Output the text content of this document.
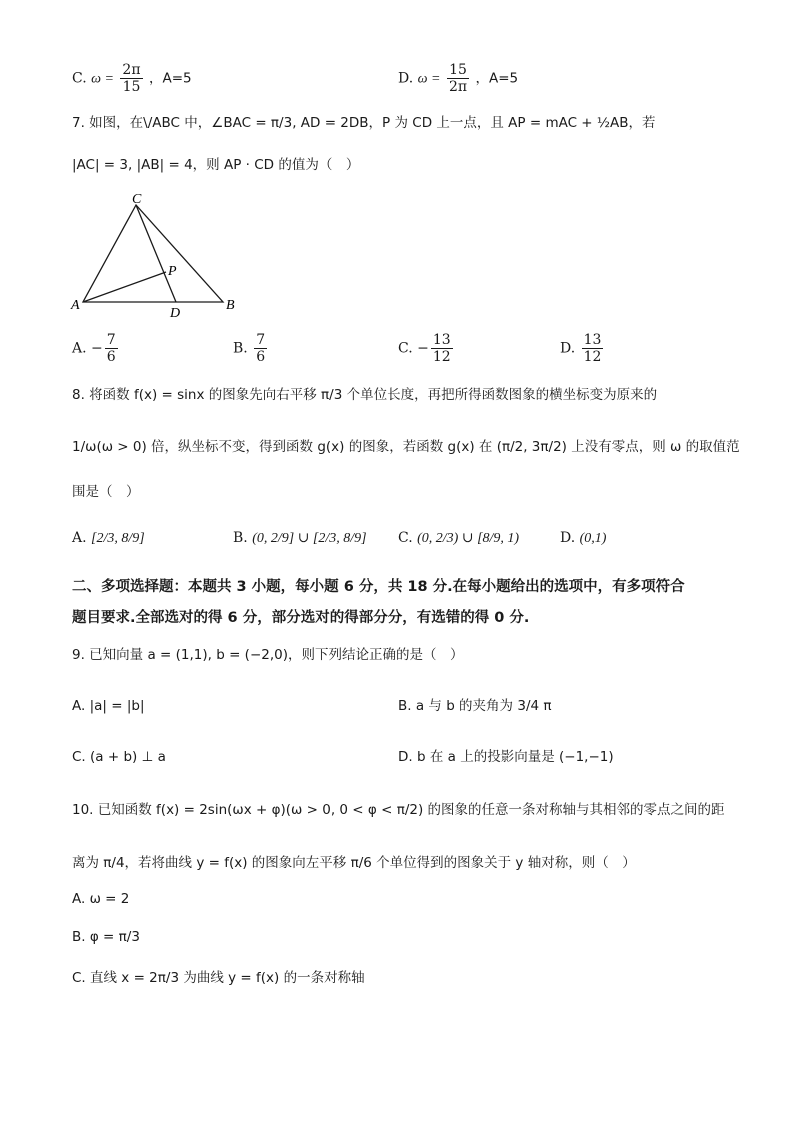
C. $\omega = \frac{2\pi}{15}$ ，A=5	D. $\omega = \frac{15}{2\pi}$ ，A=5
7. 如图，在\/ABC 中，∠BAC = π/3, AD = 2DB，P 为 CD 上一点，且 AP = mAC + ½AB，若
|AC| = 3, |AB| = 4，则 AP · CD 的值为（　）
C
P
A
D
B
A. − $\frac{7}{6}$	B. $\frac{7}{6}$	C. − $\frac{13}{12}$	D. $\frac{13}{12}$
8. 将函数 f(x) = sinx 的图象先向右平移 π/3 个单位长度，再把所得函数图象的横坐标变为原来的
1/ω(ω > 0) 倍，纵坐标不变，得到函数 g(x) 的图象，若函数 g(x) 在 (π/2, 3π/2) 上没有零点，则 ω 的取值范
围是（　）
A. [2/3, 8/9]	B. (0, 2/9] ∪ [2/3, 8/9] C. (0, 2/3) ∪ [8/9, 1)	D. (0,1)
二、多项选择题：本题共 3 小题，每小题 6 分，共 18 分.在每小题给出的选项中，有多项符合
题目要求.全部选对的得 6 分，部分选对的得部分分，有选错的得 0 分.
9. 已知向量 a = (1,1), b = (−2,0)，则下列结论正确的是（　）
A. |a| = |b|	B. a 与 b 的夹角为 3/4 π
C. (a + b) ⊥ a	D. b 在 a 上的投影向量是 (−1,−1)
10. 已知函数 f(x) = 2sin(ωx + φ)(ω > 0, 0 < φ < π/2) 的图象的任意一条对称轴与其相邻的零点之间的距
离为 π/4，若将曲线 y = f(x) 的图象向左平移 π/6 个单位得到的图象关于 y 轴对称，则（　）
A. ω = 2
B. φ = π/3
C. 直线 x = 2π/3 为曲线 y = f(x) 的一条对称轴
